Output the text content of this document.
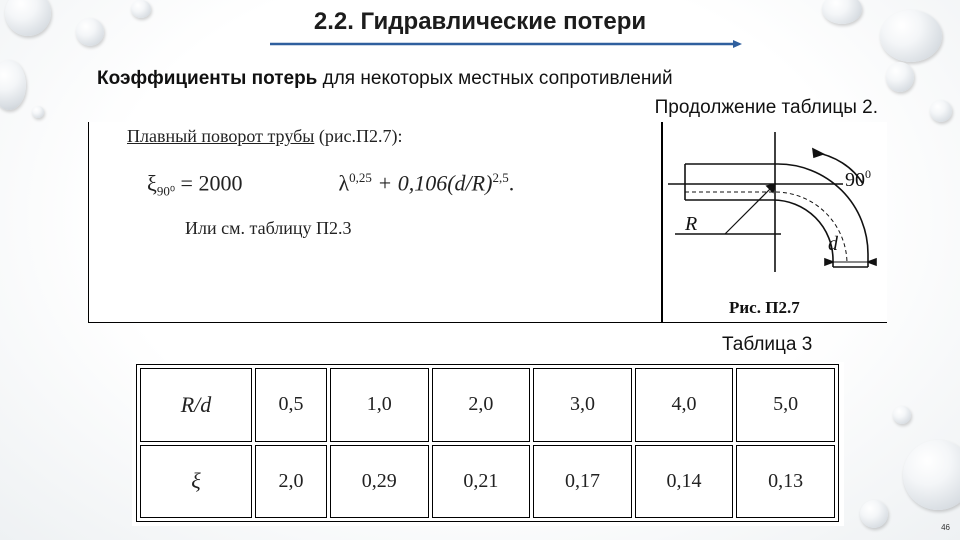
2.2. Гидравлические потери
Коэффициенты потерь для некоторых местных сопротивлений
Продолжение таблицы 2.
Плавный поворот трубы (рис.П2.7):
$\xi_{90^0} = 2000$	$\lambda^{0,25} + 0,106(d/R)^{2,5}$.
Или см. таблицу П2.3
$90^0$
R
d
Рис. П2.7
Таблица 3
R/d	0,5	1,0	2,0	3,0	4,0	5,0
ξ	2,0	0,29	0,21	0,17	0,14	0,13
46
